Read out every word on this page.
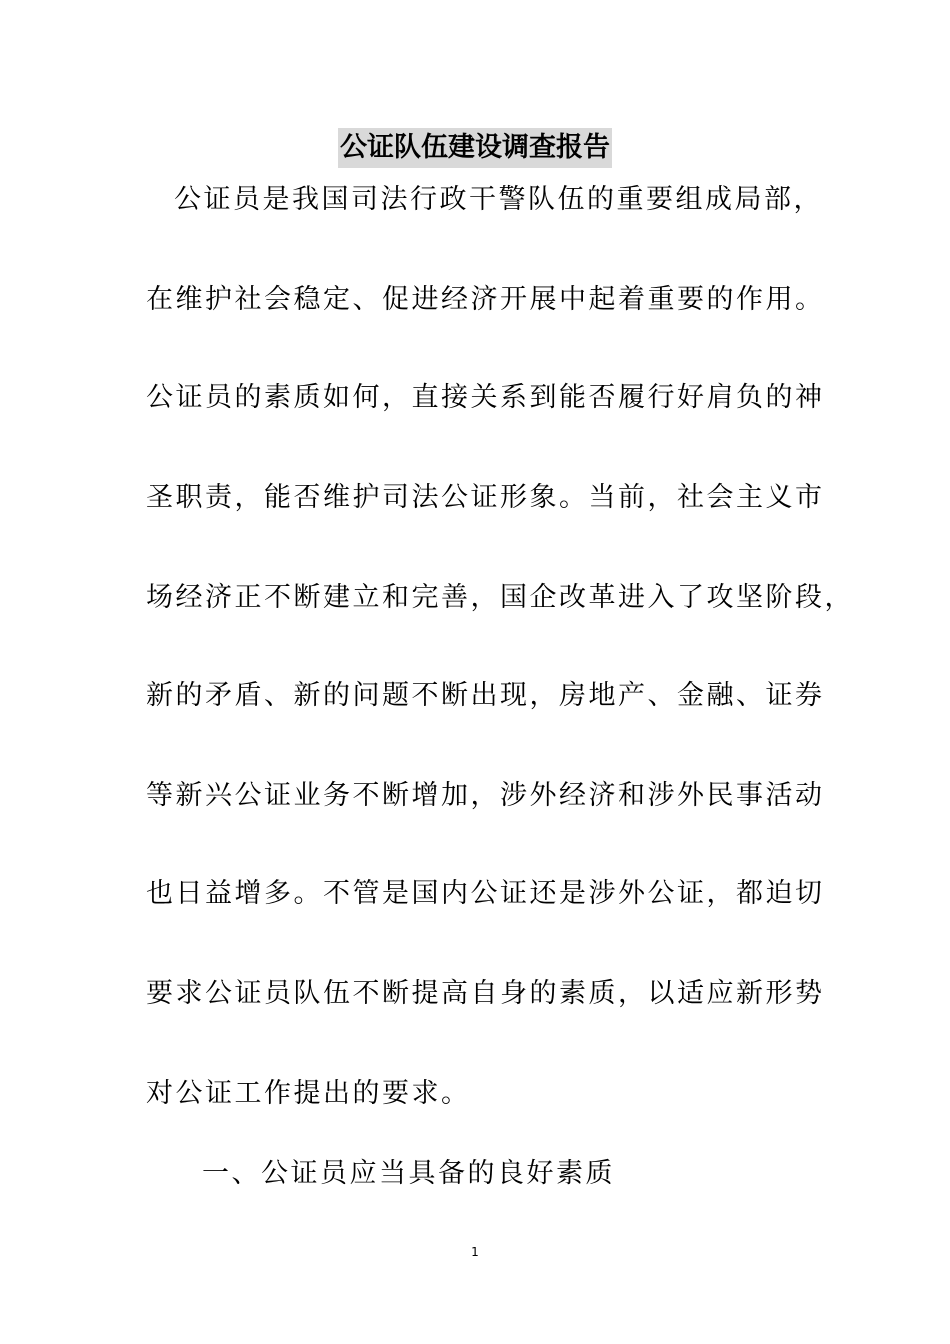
公证队伍建设调查报告
公证员是我国司法行政干警队伍的重要组成局部，
在维护社会稳定、促进经济开展中起着重要的作用。
公证员的素质如何，直接关系到能否履行好肩负的神
圣职责，能否维护司法公证形象。当前，社会主义市
场经济正不断建立和完善，国企改革进入了攻坚阶段，
新的矛盾、新的问题不断出现，房地产、金融、证券
等新兴公证业务不断增加，涉外经济和涉外民事活动
也日益增多。不管是国内公证还是涉外公证，都迫切
要求公证员队伍不断提高自身的素质，以适应新形势
对公证工作提出的要求。
一、公证员应当具备的良好素质
1
